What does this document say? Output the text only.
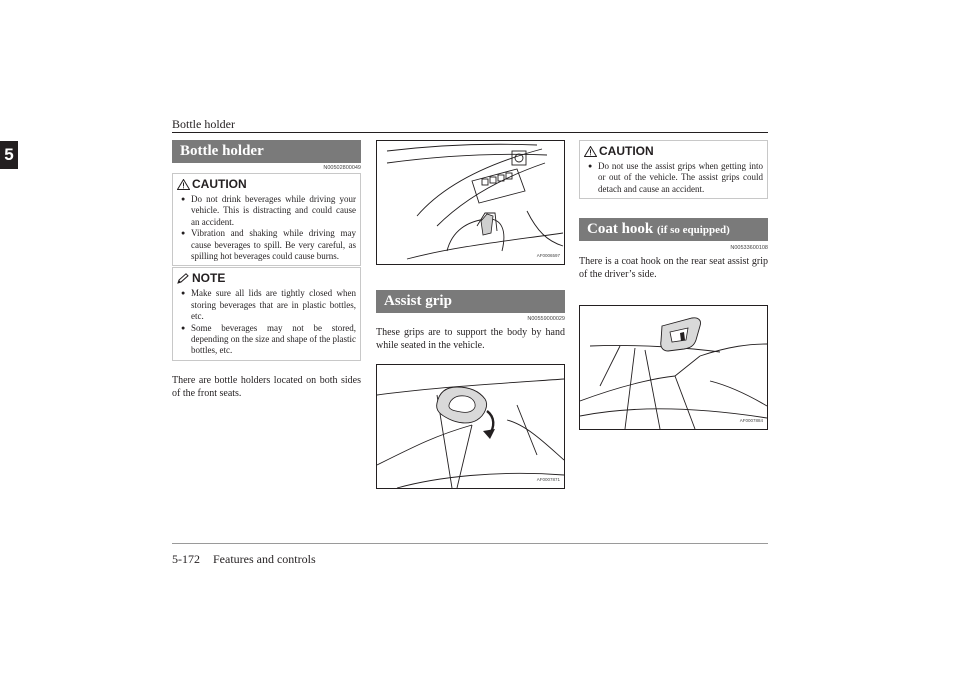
Bottle holder
5	Bottle holder
N00502800049
CAUTION
● Do not drink beverages while driving your vehicle. This is distracting and could cause an accident.
● Vibration and shaking while driving may cause beverages to spill. Be very careful, as spilling hot beverages could cause burns.
NOTE
● Make sure all lids are tightly closed when storing beverages that are in plastic bottles, etc.
● Some beverages may not be stored, depending on the size and shape of the plastic bottles, etc.
There are bottle holders located on both sides of the front seats.
AF0006597
Assist grip
N00559000029
These grips are to support the body by hand while seated in the vehicle.
AF0007871
CAUTION
● Do not use the assist grips when getting into or out of the vehicle. The assist grips could detach and cause an accident.
Coat hook (if so equipped)
N00533600108
There is a coat hook on the rear seat assist grip of the driver’s side.
AF0007884
5-172 Features and controls
